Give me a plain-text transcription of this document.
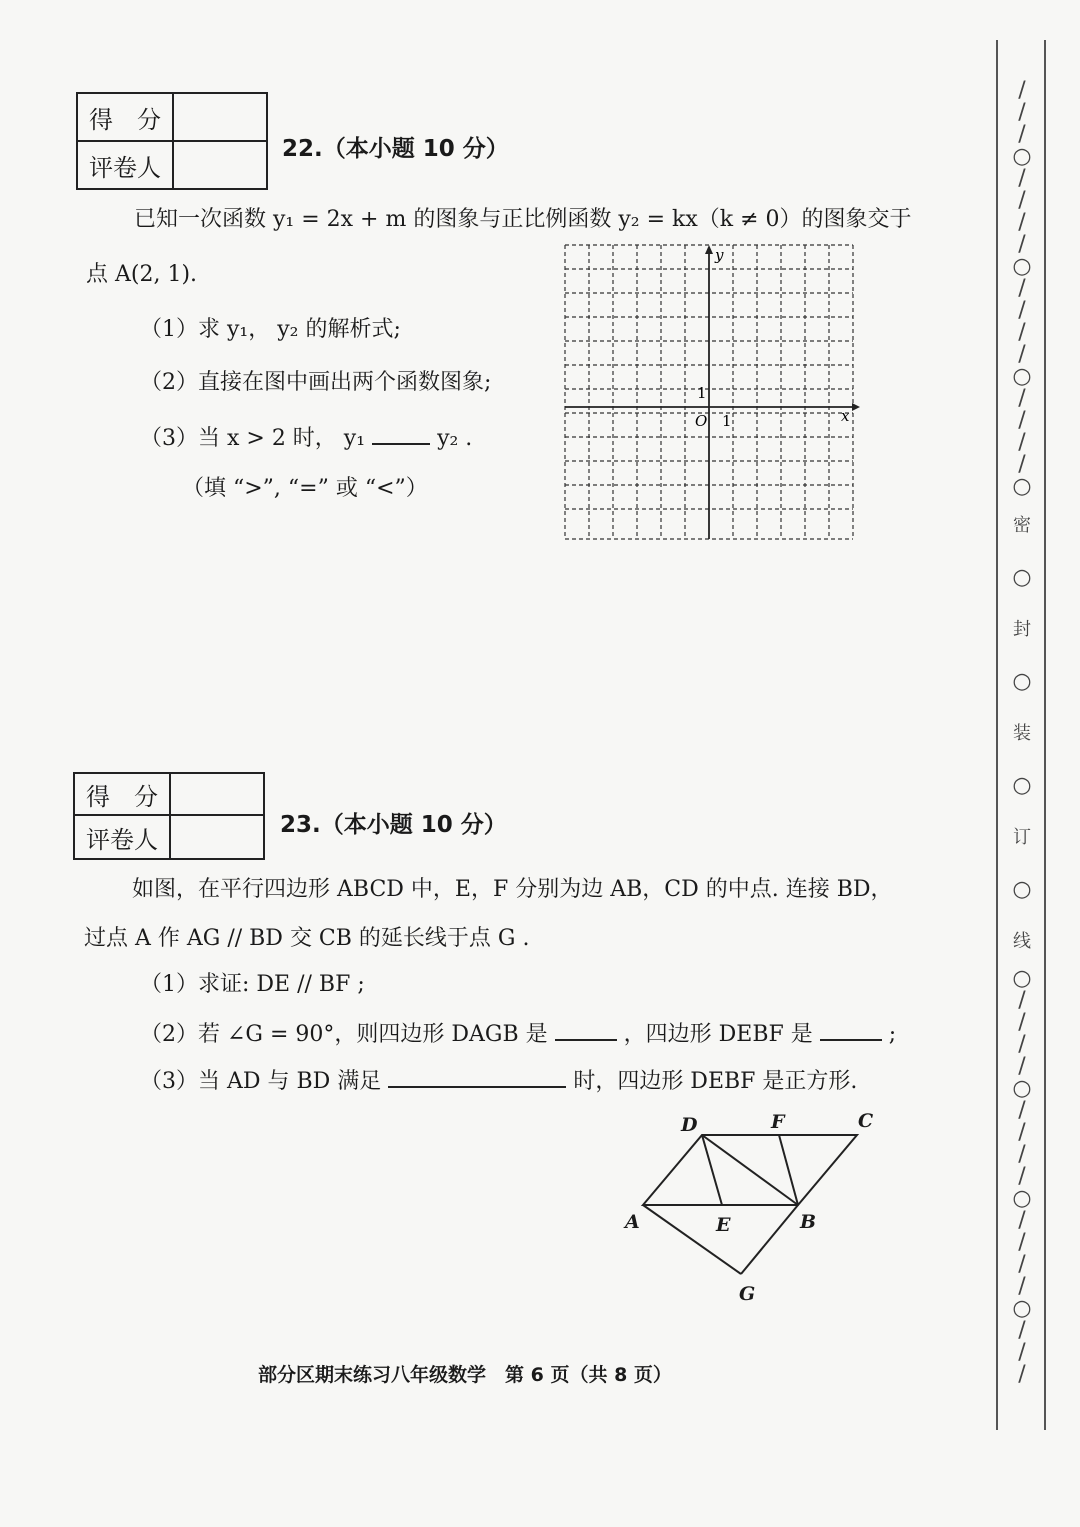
得　分	
评卷人	
22.（本小题 10 分）
已知一次函数 y₁ = 2x + m 的图象与正比例函数 y₂ = kx（k ≠ 0）的图象交于
点 A(2, 1).
（1）求 y₁， y₂ 的解析式;
（2）直接在图中画出两个函数图象;
（3）当 x > 2 时， y₁	y₂ .
（填 “>”, “=” 或 “<”）
x
y
O 1
1
得　分	
评卷人	
23.（本小题 10 分）
如图，在平行四边形 ABCD 中，E，F 分别为边 AB，CD 的中点. 连接 BD，
过点 A 作 AG // BD 交 CB 的延长线于点 G .
（1）求证: DE // BF ;
（2）若 ∠G = 90°，则四边形 DAGB 是	，四边形 DEBF 是	;
（3）当 AD 与 BD 满足	时，四边形 DEBF 是正方形.
D	F	C
A	E	B
G
部分区期末练习八年级数学　第 6 页（共 8 页）
/
/
/
○
/
/
/
/
○
/
/
/
/
○
/
/
/
/
○
密
○
封
○
装
○
订
○
线
○
/
/
/
/
○
/
/
/
/
○
/
/
/
/
○
/
/
/
